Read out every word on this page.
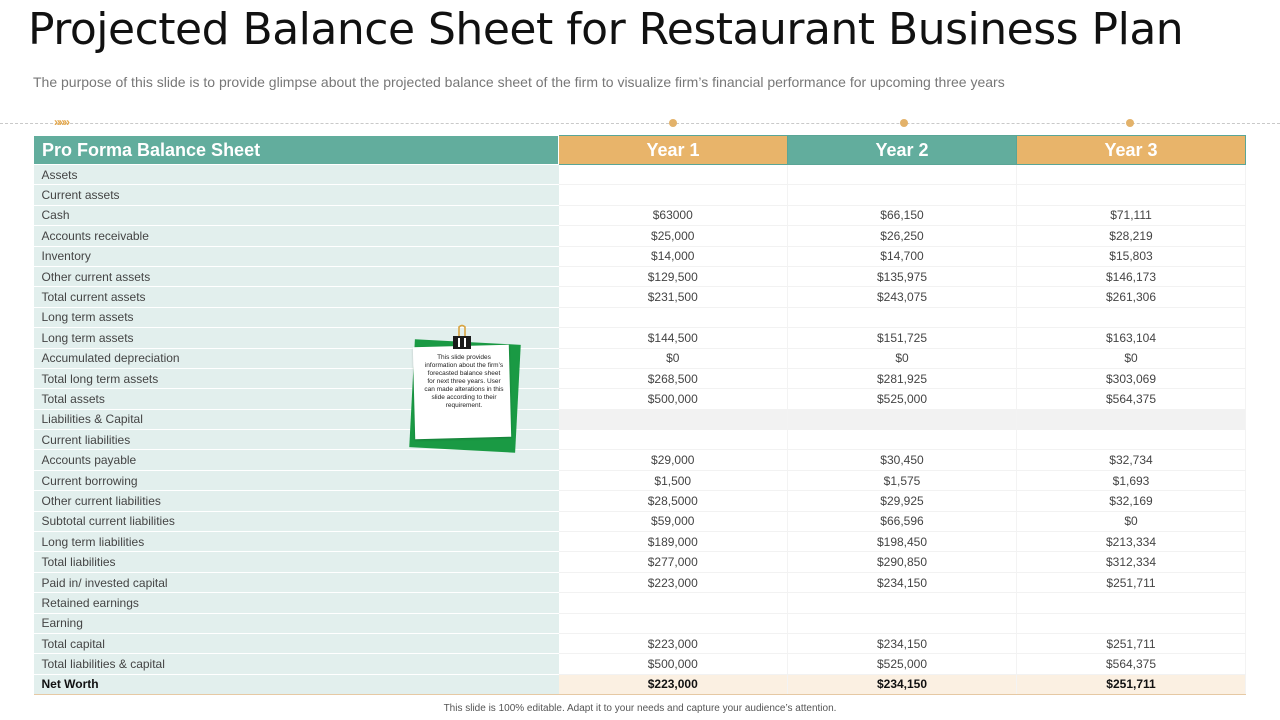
Projected Balance Sheet for Restaurant Business Plan
The purpose of this slide is to provide glimpse about the projected balance sheet of the firm to visualize firm’s financial performance for upcoming three years
»»»
Pro Forma Balance Sheet	Year 1	Year 2	Year 3
Assets			
Current assets			
Cash	$63000	$66,150	$71,111
Accounts receivable	$25,000	$26,250	$28,219
Inventory	$14,000	$14,700	$15,803
Other current assets	$129,500	$135,975	$146,173
Total current assets	$231,500	$243,075	$261,306
Long term assets			
Long term assets	$144,500	$151,725	$163,104
Accumulated depreciation	$0	$0	$0
Total long term assets	$268,500	$281,925	$303,069
Total assets	$500,000	$525,000	$564,375
Liabilities & Capital			
Current liabilities			
Accounts payable	$29,000	$30,450	$32,734
Current borrowing	$1,500	$1,575	$1,693
Other current liabilities	$28,5000	$29,925	$32,169
Subtotal current liabilities	$59,000	$66,596	$0
Long term liabilities	$189,000	$198,450	$213,334
Total liabilities	$277,000	$290,850	$312,334
Paid in/ invested capital	$223,000	$234,150	$251,711
Retained earnings			
Earning			
Total capital	$223,000	$234,150	$251,711
Total liabilities & capital	$500,000	$525,000	$564,375
Net Worth	$223,000	$234,150	$251,711
This slide provides information about the firm’s forecasted balance sheet for next three years. User can made alterations in this slide according to their requirement.
This slide is 100% editable. Adapt it to your needs and capture your audience’s attention.
